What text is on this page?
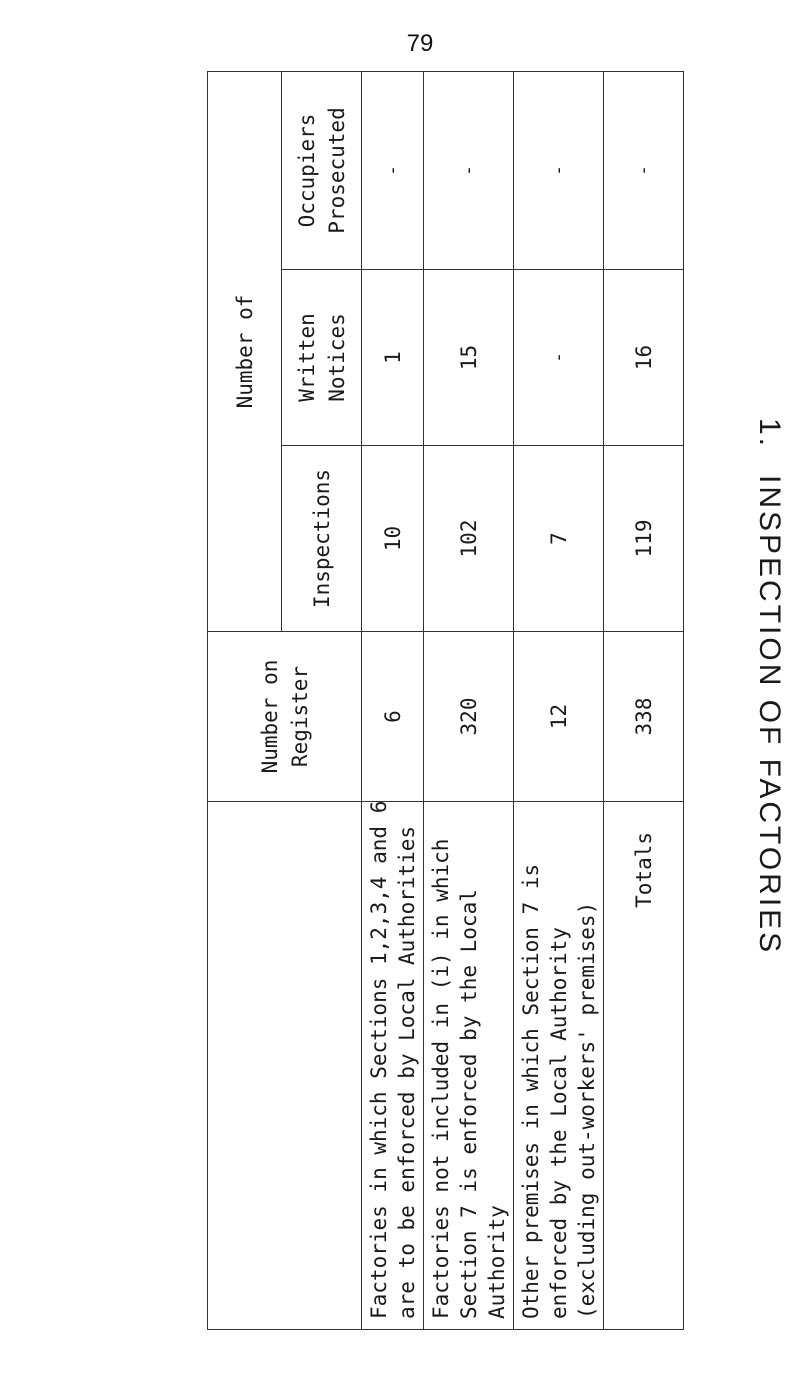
79
1.
INSPECTION OF FACTORIES
	Number on Register	Number of		
		Inspections	Written Notices	Occupiers Prosecuted

Factories in which Sections 1,2,3,4 and 6 are to be enforced by Local Authorities	6	10	1	-

Factories not included in (i) in which Section 7 is enforced by the Local Authority	320	102	15	-

Other premises in which Section 7 is enforced by the Local Authority (excluding out-workers' premises)	12	7	-	-
Totals	338	119	16	-
